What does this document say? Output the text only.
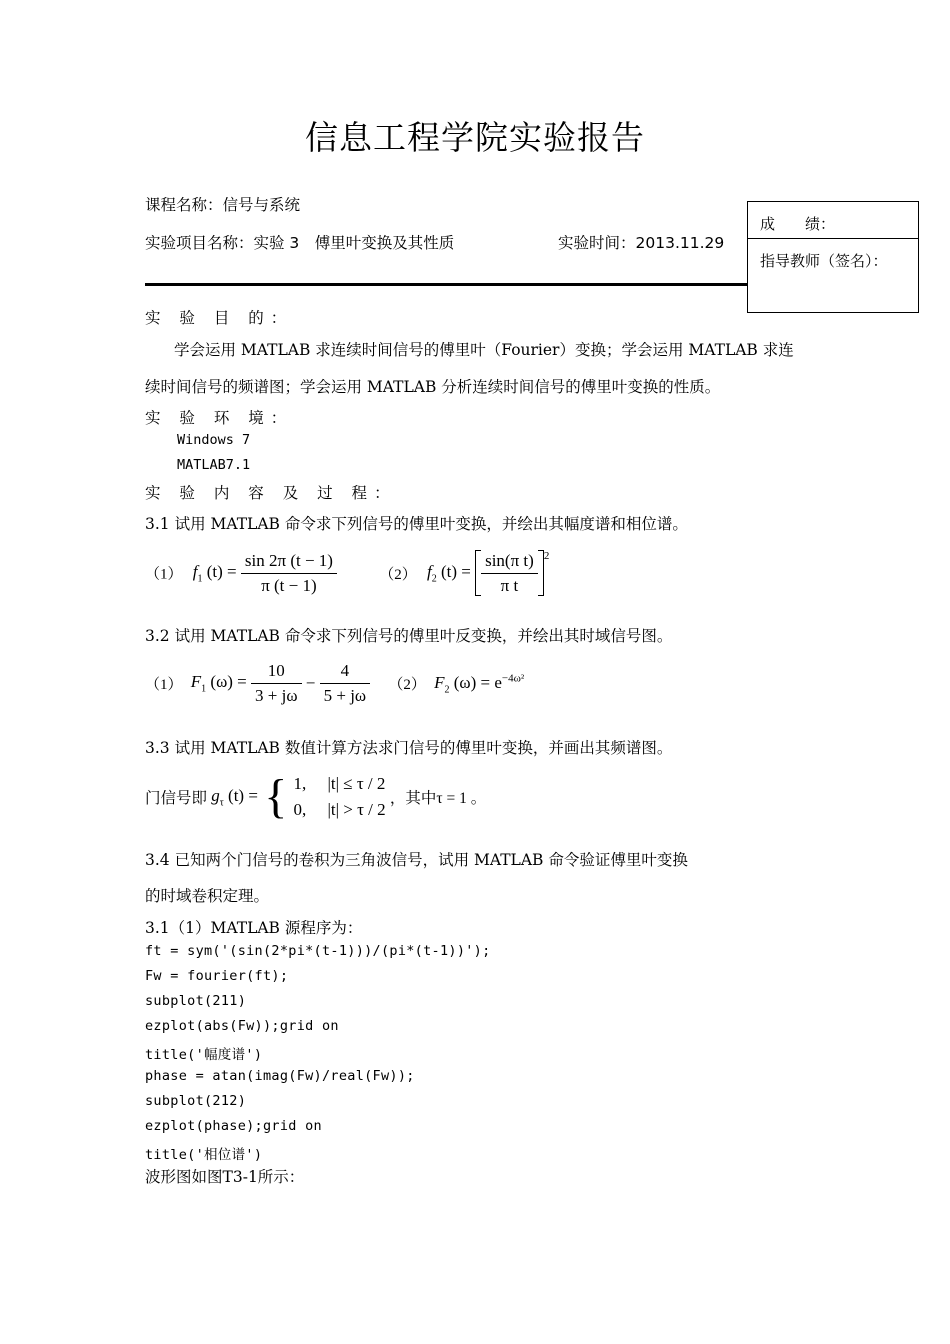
信息工程学院实验报告
课程名称：信号与系统
实验项目名称：实验 3　傅里叶变换及其性质	实验时间：2013.11.29
成　　绩：
指导教师（签名）：
实 验 目 的：
学会运用 MATLAB 求连续时间信号的傅里叶（Fourier）变换；学会运用 MATLAB 求连
续时间信号的频谱图；学会运用 MATLAB 分析连续时间信号的傅里叶变换的性质。
实 验 环 境：
Windows 7
MATLAB7.1
实 验 内 容 及 过 程：
3.1 试用 MATLAB 命令求下列信号的傅里叶变换，并绘出其幅度谱和相位谱。
（1） $f_1$ $(t) = \frac{\sin 2\pi (t - 1)}{\pi (t - 1)}$	（2） $f_2$ $(t) = \frac{\text{sin(π t)}}{\text{π t}} ^2$
3.2 试用 MATLAB 命令求下列信号的傅里叶反变换，并绘出其时域信号图。
（1） $F_1$ $(\omega) = \frac{10}{3 + j\omega} - \frac{4}{5 + j\omega} (2)$ $F_2$ $(\omega) = e^{-4\omega^2}$
3.3 试用 MATLAB 数值计算方法求门信号的傅里叶变换，并画出其频谱图。
门信号即 $g_\tau$ (t) = { 1,　 |t| ≤ τ / 2
0,　 |t| > τ / 2
，其中τ = 1 。
3.4 已知两个门信号的卷积为三角波信号，试用 MATLAB 命令验证傅里叶变换
的时域卷积定理。
3.1（1）MATLAB 源程序为：
ft = sym('(sin(2*pi*(t-1)))/(pi*(t-1))');
Fw = fourier(ft);
subplot(211)
ezplot(abs(Fw));grid on
title('幅度谱')
phase = atan(imag(Fw)/real(Fw));
subplot(212)
ezplot(phase);grid on
title('相位谱')
波形图如图T3-1所示：
